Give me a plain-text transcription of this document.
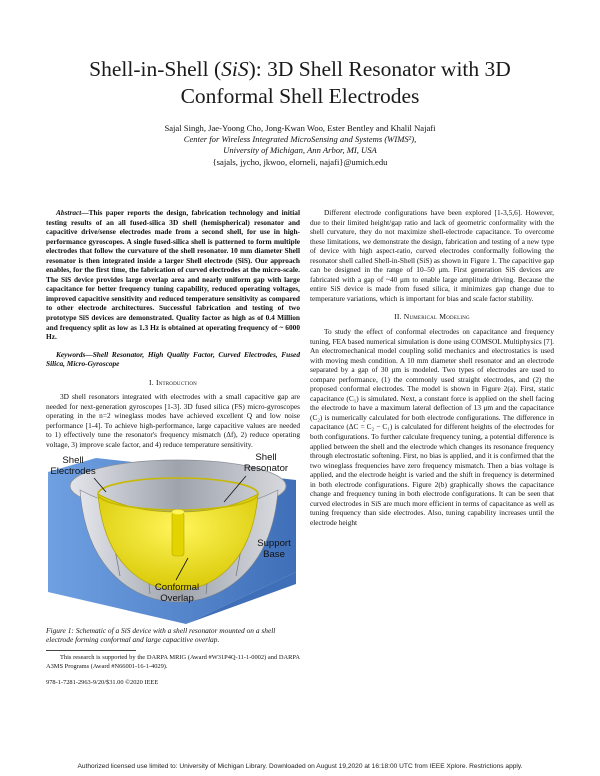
Shell-in-Shell (SiS): 3D Shell Resonator with 3D
Conformal Shell Electrodes
Sajal Singh, Jae-Yoong Cho, Jong-Kwan Woo, Ester Bentley and Khalil Najafi
Center for Wireless Integrated MicroSensing and Systems (WIMS²),
University of Michigan, Ann Arbor, MI, USA
{sajals, jycho, jkwoo, elorneli, najafi}@umich.edu

Abstract—This paper reports the design, fabrication technology and initial testing results of an all fused-silica 3D shell (hemispherical) resonator and capacitive drive/sense electrodes made from a second shell, for use in high-performance gyroscopes. A single fused-silica shell is patterned to form multiple electrodes that follow the curvature of the shell resonator. 10 mm diameter Shell resonator is then integrated inside a larger Shell electrode (SiS). Our approach enables, for the first time, the fabrication of curved electrodes at the micro-scale. The SiS device provides large overlap area and nearly uniform gap with large capacitance for better frequency tuning capability, reduced operating voltages, improved capacitive sensitivity and reduced temperature sensitivity as compared to other electrode architectures. Successful fabrication and testing of two prototype SiS devices are demonstrated. Quality factor as high as of 0.4 Million and frequency split as low as 1.3 Hz is obtained at operating frequency of ~ 6000 Hz.

Keywords—Shell Resonator, High Quality Factor, Curved Electrodes, Fused Silica, Micro-Gyroscope

I. Introduction

3D shell resonators integrated with electrodes with a small capacitive gap are needed for next-generation gyroscopes [1-3]. 3D fused silica (FS) micro-gyroscopes operating in the n=2 wineglass modes have achieved excellent Q and low noise performance [1-4]. To achieve high-performance, large capacitive values are needed to 1) effectively tune the resonator's frequency mismatch (Δf), 2) reduce operating voltage, 3) improve scale factor, and 4) reduce temperature sensitivity.

Shell
Electrodes
Shell
Resonator
Support
Base
Conformal
Overlap

Figure 1: Schematic of a SiS device with a shell resonator mounted on a shell electrode forming conformal and large capacitive overlap.

This research is supported by the DARPA MRIG (Award #W31P4Q-11-1-0002) and DARPA A3MS Programs (Award #N66001-16-1-4029).

978-1-7281-2963-9/20/$31.00 ©2020 IEEE

Different electrode configurations have been explored [1-3,5,6]. However, due to their limited height/gap ratio and lack of geometric conformality with the shell curvature, they do not maximize shell-electrode capacitance. To overcome these limitations, we demonstrate the design, fabrication and testing of a new type of device with high aspect-ratio, curved electrodes conformally following the resonator shell called Shell-in-Shell (SiS) as shown in Figure 1. The capacitive gap can be designed in the range of 10–50 μm. First generation SiS devices are fabricated with a gap of ~40 μm to enable large amplitude driving. Because the entire SiS device is made from fused silica, it minimizes gap change due to temperature variations, which is important for bias and scale factor stability.

II. Numerical Modeling

To study the effect of conformal electrodes on capacitance and frequency tuning, FEA based numerical simulation is done using COMSOL Multiphysics [7]. An electromechanical model coupling solid mechanics and electrostatics is used with moving mesh condition. A 10 mm diameter shell resonator and an electrode separated by a gap of 30 μm is modeled. Two types of electrodes are used to compare performance, (1) the commonly used straight electrodes, and (2) the proposed conformal electrodes. The model is shown in Figure 2(a). First, static capacitance (C₁) is simulated. Next, a constant force is applied on the shell facing the electrode to have a maximum lateral deflection of 13 μm and the capacitance (C₂) is numerically calculated for both electrode configurations. The difference in capacitance (ΔC = C₂ − C₁) is calculated for different heights of the electrodes for both configurations. To further calculate frequency tuning, a potential difference is applied between the shell and the electrode which changes its resonance frequency through electrostatic softening. First, no bias is applied, and it is confirmed that the two wineglass frequencies have zero frequency mismatch. Then a bias voltage is applied, and the electrode height is varied and the shift in frequency is determined in both electrode configurations. Figure 2(b) graphically shows the capacitance change and frequency tuning in both electrode configurations. It can be seen that curved electrodes in SiS are much more efficient in terms of capacitance as well as tuning frequency than side electrodes. Also, tuning capability increases until the electrode height

Authorized licensed use limited to: University of Michigan Library. Downloaded on August 19,2020 at 16:18:00 UTC from IEEE Xplore. Restrictions apply.
